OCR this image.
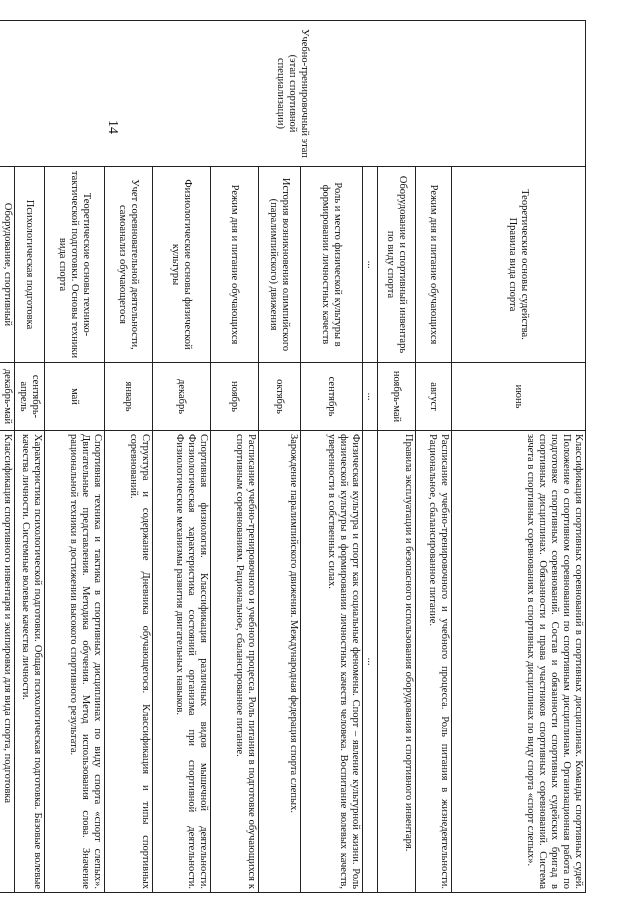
14	Учебно-тренировочный этап (этап спортивной специализации)	Теоретические основы судейства. Правила вида спорта	июнь	Классификация спортивных соревнований в спортивных дисциплинах. Команды спортивных судей. Положение о спортивном соревновании по спортивным дисциплинам. Организационная работа по подготовке спортивных соревнований. Состав и обязанности спортивных судейских бригад в спортивных дисциплинах. Обязанности и права участников спортивных соревнований. Система зачета в спортивных соревнованиях в спортивных дисциплинах по виду спорта «спорт слепых».
	Режим дня и питание обучающихся	август	Расписание учебно-тренировочного и учебного процесса. Роль питания в жизнедеятельности. Рациональное, сбалансированное питание.
	Оборудование и спортивный инвентарь по виду спорта	ноябрь-май	Правила эксплуатации и безопасного использования оборудования и спортивного инвентаря.
	...	...	...
	Роль и место физической культуры в формировании личностных качеств	сентябрь	Физическая культура и спорт как социальные феномены. Спорт – явление культурной жизни. Роль физической культуры в формировании личностных качеств человека. Воспитание волевых качеств, уверенности в собственных силах.
	История возникновения олимпийского (паралимпийского) движения	октябрь	Зарождение паралимпийского движения. Международная федерация спорта слепых.
	Режим дня и питание обучающихся	ноябрь	Расписание учебно-тренировочного и учебного процесса. Роль питания в подготовке обучающихся к спортивным соревнованиям. Рациональное, сбалансированное питание.
	Физиологические основы физической культуры	декабрь	Спортивная физиология. Классификация различных видов мышечной деятельности. Физиологическая характеристика состояний организма при спортивной деятельности. Физиологические механизмы развития двигательных навыков.
	Учет соревновательной деятельности, самоанализ обучающегося	январь	Структура и содержание Дневника обучающегося. Классификация и типы спортивных соревнований.
	Теоретические основы технико-тактической подготовки. Основы техники вида спорта	май	Спортивная техника и тактика в спортивных дисциплинах по виду спорта «спорт слепых». Двигательные представления. Методика обучения. Метод использования слова. Значение рациональной техники в достижении высокого спортивного результата.
	Психологическая подготовка	сентябрь-апрель	Характеристика психологической подготовки. Общая психологическая подготовка. Базовые волевые качества личности. Системные волевые качества личности.
	Оборудование, спортивный	декабрь-май	Классификация спортивного инвентаря и экипировки для вида спорта, подготовка
